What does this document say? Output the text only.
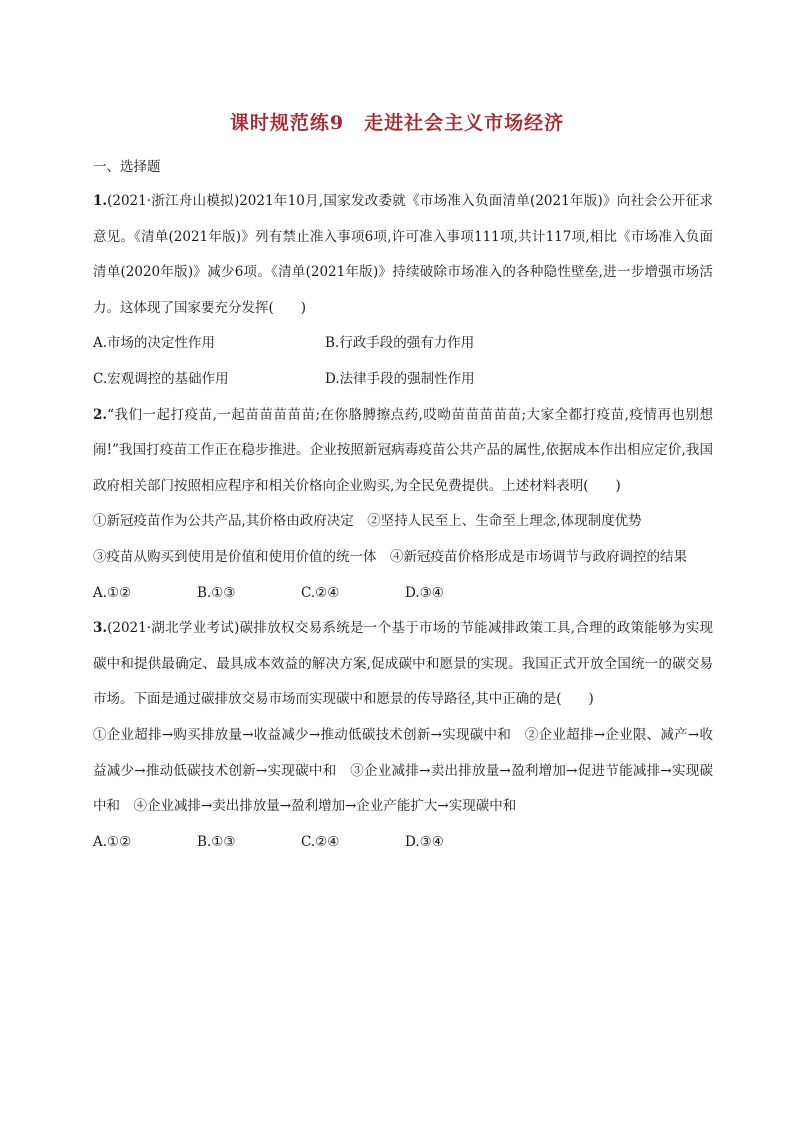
课时规范练9　走进社会主义市场经济
一、选择题

1.(2021·浙江舟山模拟)2021年10月,国家发改委就《市场准入负面清单(2021年版)》向社会公开征求意见。《清单(2021年版)》列有禁止准入事项6项,许可准入事项111项,共计117项,相比《市场准入负面清单(2020年版)》减少6项。《清单(2021年版)》持续破除市场准入的各种隐性壁垒,进一步增强市场活力。这体现了国家要充分发挥(　　)

A.市场的决定性作用	B.行政手段的强有力作用
C.宏观调控的基础作用	D.法律手段的强制性作用

2.“我们一起打疫苗,一起苗苗苗苗苗;在你胳膊擦点药,哎呦苗苗苗苗苗;大家全都打疫苗,疫情再也别想闹!”我国打疫苗工作正在稳步推进。企业按照新冠病毒疫苗公共产品的属性,依据成本作出相应定价,我国政府相关部门按照相应程序和相关价格向企业购买,为全民免费提供。上述材料表明(　　)

①新冠疫苗作为公共产品,其价格由政府决定　②坚持人民至上、生命至上理念,体现制度优势

③疫苗从购买到使用是价值和使用价值的统一体　④新冠疫苗价格形成是市场调节与政府调控的结果

A.①②	B.①③	C.②④	D.③④

3.(2021·湖北学业考试)碳排放权交易系统是一个基于市场的节能减排政策工具,合理的政策能够为实现碳中和提供最确定、最具成本效益的解决方案,促成碳中和愿景的实现。我国正式开放全国统一的碳交易市场。下面是通过碳排放交易市场而实现碳中和愿景的传导路径,其中正确的是(　　)

①企业超排→购买排放量→收益减少→推动低碳技术创新→实现碳中和　②企业超排→企业限、减产→收益减少→推动低碳技术创新→实现碳中和　③企业减排→卖出排放量→盈利增加→促进节能减排→实现碳中和　④企业减排→卖出排放量→盈利增加→企业产能扩大→实现碳中和

A.①②	B.①③	C.②④	D.③④
